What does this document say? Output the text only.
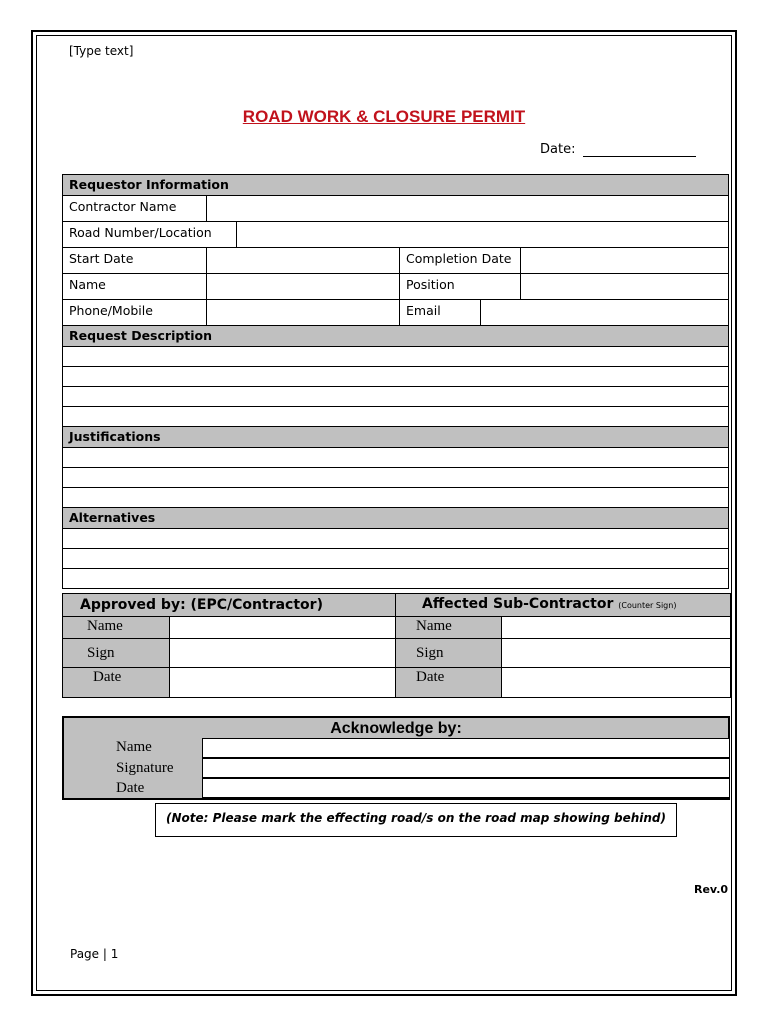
[Type text]
ROAD WORK & CLOSURE PERMIT
Date:
Requestor Information					
Contractor Name					
Road Number/Location					
Start Date			Completion Date		
Name			Position		
Phone/Mobile			Email		
Request Description					

Justifications					

Alternatives					

Approved by: (EPC/Contractor)		Affected Sub-Contractor (Counter Sign)	
Name		Name	
Sign		Sign	
Date		Date	
Acknowledge by:
Name
Signature
Date
(Note: Please mark the effecting road/s on the road map showing behind)
Rev.0
Page | 1
